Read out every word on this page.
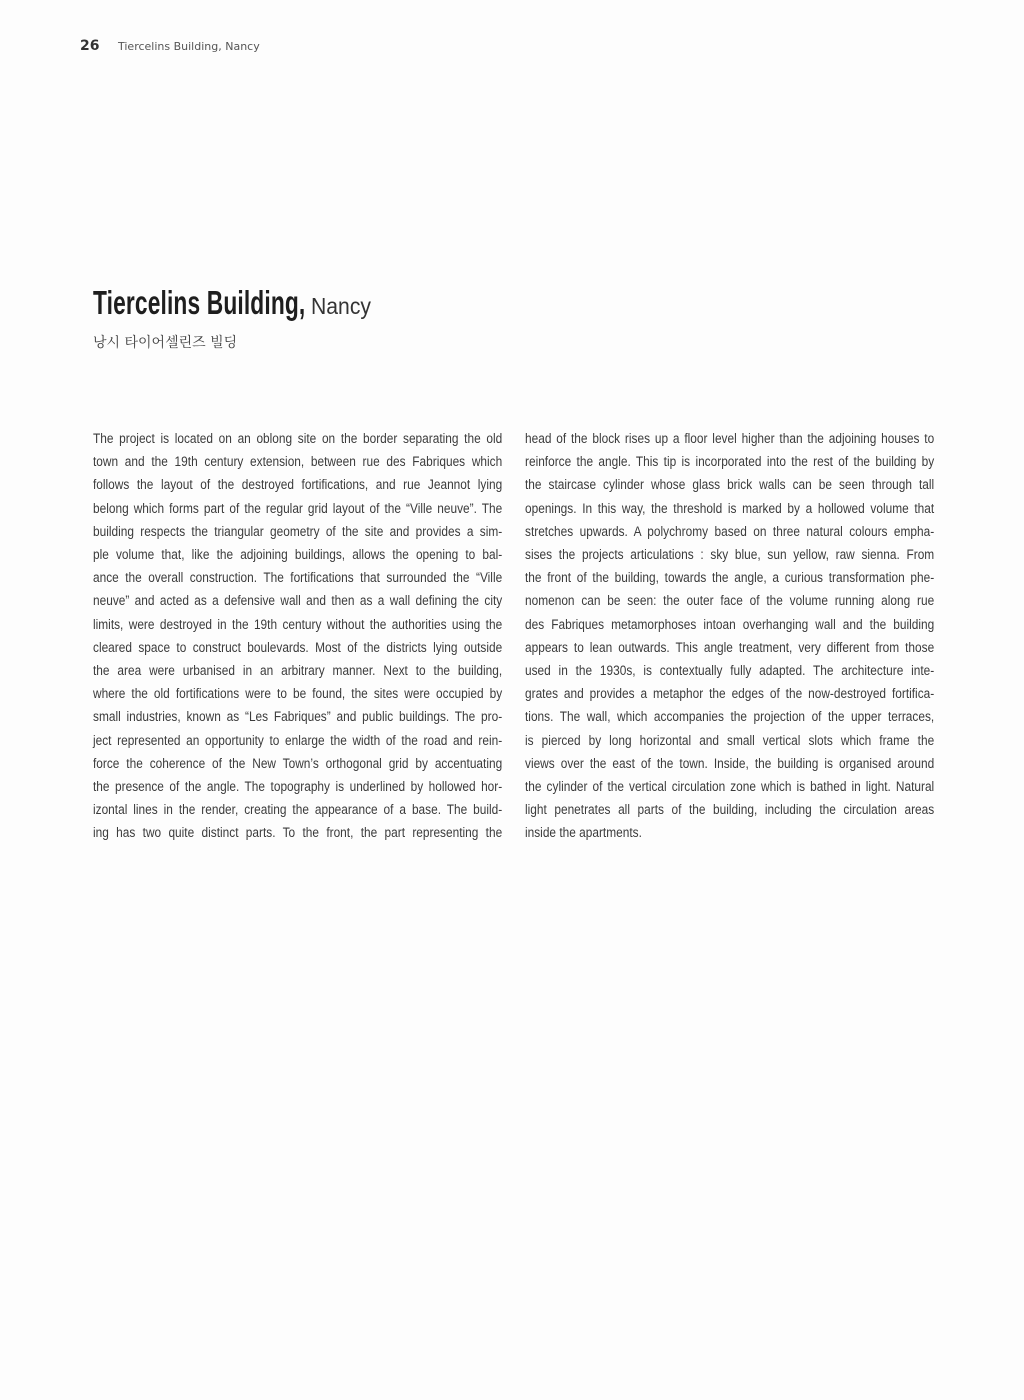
26 Tiercelins Building, Nancy
Tiercelins Building, Nancy
낭시 타이어셀린즈 빌딩
The project is located on an oblong site on the border separating the old
town and the 19th century extension, between rue des Fabriques which
follows the layout of the destroyed fortifications, and rue Jeannot lying
belong which forms part of the regular grid layout of the “Ville neuve”. The
building respects the triangular geometry of the site and provides a sim-
ple volume that, like the adjoining buildings, allows the opening to bal-
ance the overall construction. The fortifications that surrounded the “Ville
neuve” and acted as a defensive wall and then as a wall defining the city
limits, were destroyed in the 19th century without the authorities using the
cleared space to construct boulevards. Most of the districts lying outside
the area were urbanised in an arbitrary manner. Next to the building,
where the old fortifications were to be found, the sites were occupied by
small industries, known as “Les Fabriques” and public buildings. The pro-
ject represented an opportunity to enlarge the width of the road and rein-
force the coherence of the New Town’s orthogonal grid by accentuating
the presence of the angle. The topography is underlined by hollowed hor-
izontal lines in the render, creating the appearance of a base. The build-
ing has two quite distinct parts. To the front, the part representing the
head of the block rises up a floor level higher than the adjoining houses to
reinforce the angle. This tip is incorporated into the rest of the building by
the staircase cylinder whose glass brick walls can be seen through tall
openings. In this way, the threshold is marked by a hollowed volume that
stretches upwards. A polychromy based on three natural colours empha-
sises the projects articulations : sky blue, sun yellow, raw sienna. From
the front of the building, towards the angle, a curious transformation phe-
nomenon can be seen: the outer face of the volume running along rue
des Fabriques metamorphoses intoan overhanging wall and the building
appears to lean outwards. This angle treatment, very different from those
used in the 1930s, is contextually fully adapted. The architecture inte-
grates and provides a metaphor the edges of the now-destroyed fortifica-
tions. The wall, which accompanies the projection of the upper terraces,
is pierced by long horizontal and small vertical slots which frame the
views over the east of the town. Inside, the building is organised around
the cylinder of the vertical circulation zone which is bathed in light. Natural
light penetrates all parts of the building, including the circulation areas
inside the apartments.
